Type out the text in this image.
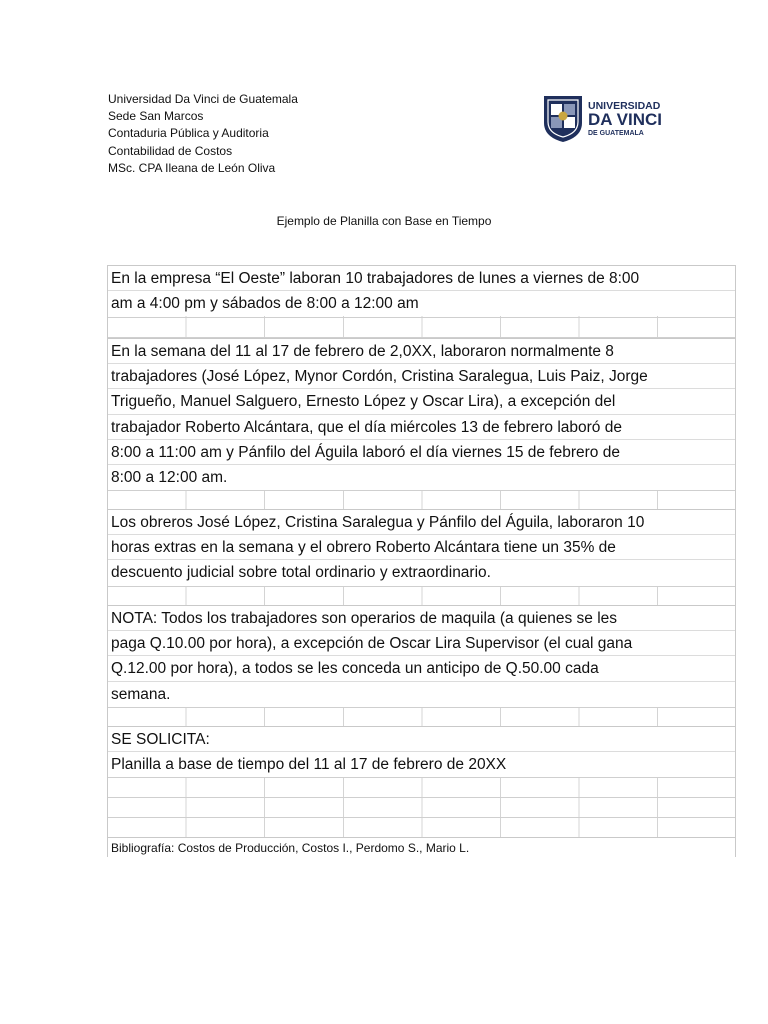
Universidad Da Vinci de Guatemala
Sede San Marcos
Contaduria Pública y Auditoria
Contabilidad de Costos
MSc. CPA Ileana de León Oliva
UNIVERSIDAD
DA VINCI
DE GUATEMALA
Ejemplo de Planilla con Base en Tiempo
En la empresa “El Oeste” laboran 10 trabajadores de lunes a viernes de 8:00
am a 4:00 pm y sábados de 8:00 a 12:00 am
En la semana del 11 al 17 de febrero de 2,0XX, laboraron normalmente 8
trabajadores (José López, Mynor Cordón, Cristina Saralegua, Luis Paiz, Jorge
Trigueño, Manuel Salguero, Ernesto López y Oscar Lira), a excepción del
trabajador Roberto Alcántara, que el día miércoles 13 de febrero laboró de
8:00 a 11:00 am y Pánfilo del Águila laboró el día viernes 15 de febrero de
8:00 a 12:00 am.
Los obreros José López, Cristina Saralegua y Pánfilo del Águila, laboraron 10
horas extras en la semana y el obrero Roberto Alcántara tiene un 35% de
descuento judicial sobre total ordinario y extraordinario.
NOTA: Todos los trabajadores son operarios de maquila (a quienes se les
paga Q.10.00 por hora), a excepción de Oscar Lira Supervisor (el cual gana
Q.12.00 por hora), a todos se les conceda un anticipo de Q.50.00 cada
semana.
SE SOLICITA:
Planilla a base de tiempo del 11 al 17 de febrero de 20XX
Bibliografía: Costos de Producción, Costos I., Perdomo S., Mario L.
